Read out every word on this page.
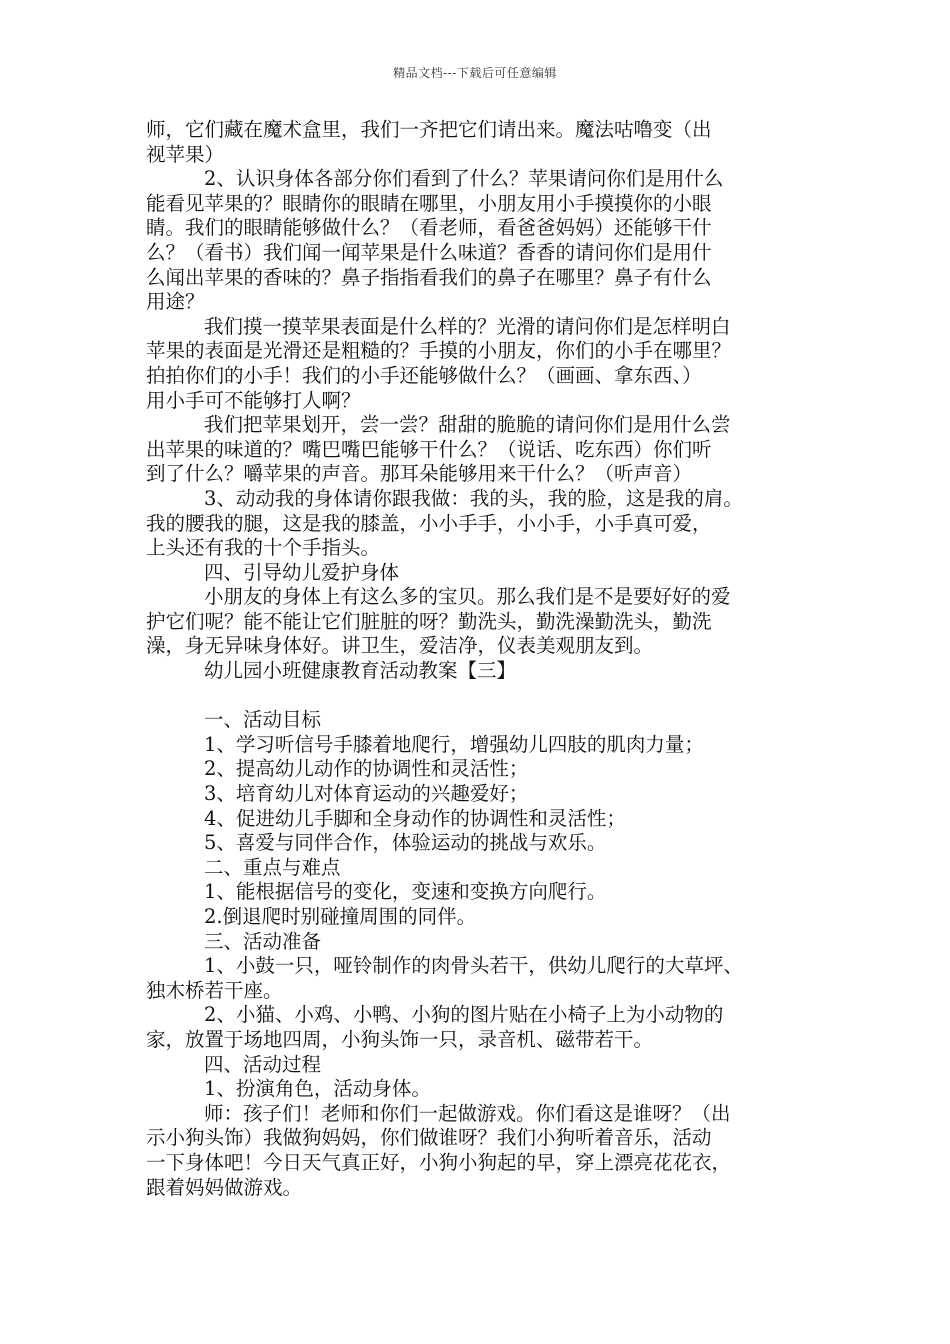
精品文档---下载后可任意编辑
师，它们藏在魔术盒里，我们一齐把它们请出来。魔法咕噜变（出
视苹果）
2、认识身体各部分你们看到了什么？苹果请问你们是用什么
能看见苹果的？眼睛你的眼睛在哪里，小朋友用小手摸摸你的小眼
睛。我们的眼睛能够做什么？（看老师，看爸爸妈妈）还能够干什
么？（看书）我们闻一闻苹果是什么味道？香香的请问你们是用什
么闻出苹果的香味的？鼻子指指看我们的鼻子在哪里？鼻子有什么
用途？
我们摸一摸苹果表面是什么样的？光滑的请问你们是怎样明白
苹果的表面是光滑还是粗糙的？手摸的小朋友，你们的小手在哪里？
拍拍你们的小手！我们的小手还能够做什么？（画画、拿东西、）
用小手可不能够打人啊？
我们把苹果划开，尝一尝？甜甜的脆脆的请问你们是用什么尝
出苹果的味道的？嘴巴嘴巴能够干什么？（说话、吃东西）你们听
到了什么？嚼苹果的声音。那耳朵能够用来干什么？（听声音）
3、动动我的身体请你跟我做：我的头，我的脸，这是我的肩。
我的腰我的腿，这是我的膝盖，小小手手，小小手，小手真可爱，
上头还有我的十个手指头。
四、引导幼儿爱护身体
小朋友的身体上有这么多的宝贝。那么我们是不是要好好的爱
护它们呢？能不能让它们脏脏的呀？勤洗头，勤洗澡勤洗头，勤洗
澡，身无异味身体好。讲卫生，爱洁净，仪表美观朋友到。
幼儿园小班健康教育活动教案【三】
一、活动目标
1、学习听信号手膝着地爬行，增强幼儿四肢的肌肉力量；
2、提高幼儿动作的协调性和灵活性；
3、培育幼儿对体育运动的兴趣爱好；
4、促进幼儿手脚和全身动作的协调性和灵活性；
5、喜爱与同伴合作，体验运动的挑战与欢乐。
二、重点与难点
1、能根据信号的变化，变速和变换方向爬行。
2.倒退爬时别碰撞周围的同伴。
三、活动准备
1、小鼓一只，哑铃制作的肉骨头若干，供幼儿爬行的大草坪、
独木桥若干座。
2、小猫、小鸡、小鸭、小狗的图片贴在小椅子上为小动物的
家，放置于场地四周，小狗头饰一只，录音机、磁带若干。
四、活动过程
1、扮演角色，活动身体。
师：孩子们！老师和你们一起做游戏。你们看这是谁呀？（出
示小狗头饰）我做狗妈妈，你们做谁呀？我们小狗听着音乐，活动
一下身体吧！今日天气真正好，小狗小狗起的早，穿上漂亮花花衣，
跟着妈妈做游戏。
